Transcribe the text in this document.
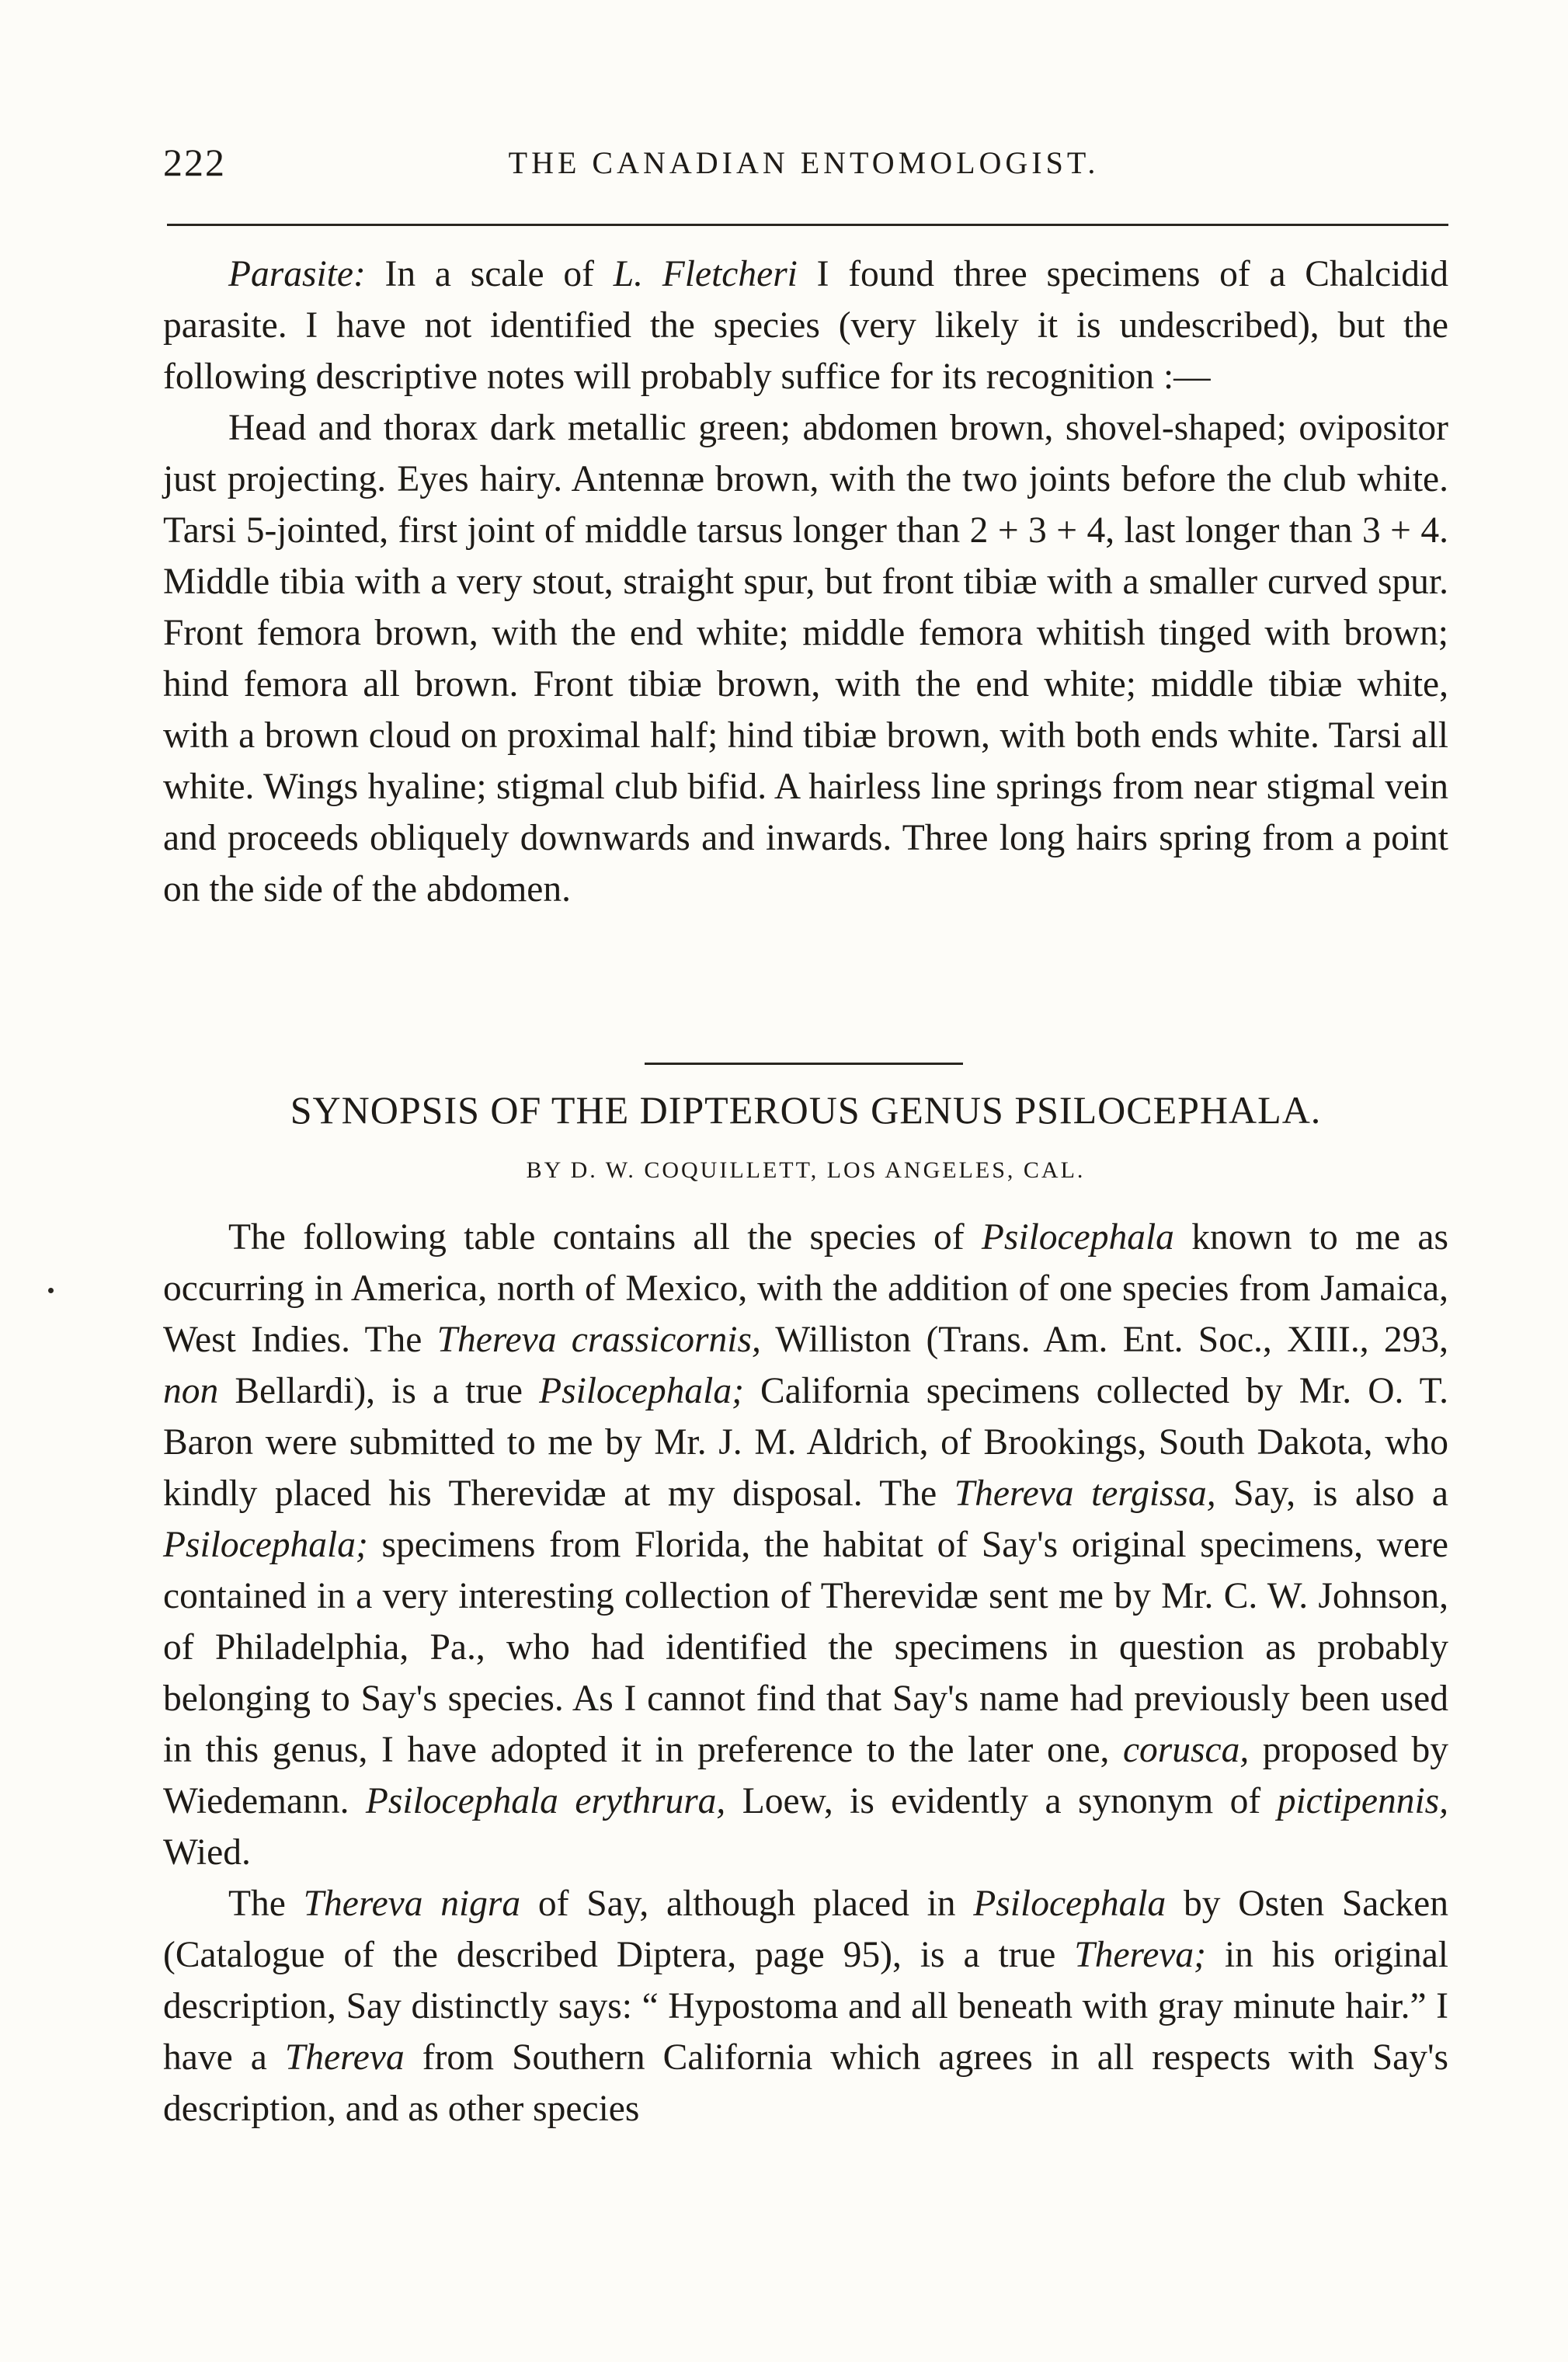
222	THE CANADIAN ENTOMOLOGIST.

Parasite: In a scale of L. Fletcheri I found three specimens of a Chalcidid parasite. I have not identified the species (very likely it is undescribed), but the following descriptive notes will probably suffice for its recognition :—

Head and thorax dark metallic green; abdomen brown, shovel-shaped; ovipositor just projecting. Eyes hairy. Antennæ brown, with the two joints before the club white. Tarsi 5-jointed, first joint of middle tarsus longer than 2 + 3 + 4, last longer than 3 + 4. Middle tibia with a very stout, straight spur, but front tibiæ with a smaller curved spur. Front femora brown, with the end white; middle femora whitish tinged with brown; hind femora all brown. Front tibiæ brown, with the end white; middle tibiæ white, with a brown cloud on proximal half; hind tibiæ brown, with both ends white. Tarsi all white. Wings hyaline; stigmal club bifid. A hairless line springs from near stigmal vein and proceeds obliquely downwards and inwards. Three long hairs spring from a point on the side of the abdomen.

SYNOPSIS OF THE DIPTEROUS GENUS PSILOCEPHALA.
BY D. W. COQUILLETT, LOS ANGELES, CAL.

The following table contains all the species of Psilocephala known to me as occurring in America, north of Mexico, with the addition of one species from Jamaica, West Indies. The Thereva crassicornis, Williston (Trans. Am. Ent. Soc., XIII., 293, non Bellardi), is a true Psilocephala; California specimens collected by Mr. O. T. Baron were submitted to me by Mr. J. M. Aldrich, of Brookings, South Dakota, who kindly placed his Therevidæ at my disposal. The Thereva tergissa, Say, is also a Psilocephala; specimens from Florida, the habitat of Say's original specimens, were contained in a very interesting collection of Therevidæ sent me by Mr. C. W. Johnson, of Philadelphia, Pa., who had identified the specimens in question as probably belonging to Say's species. As I cannot find that Say's name had previously been used in this genus, I have adopted it in preference to the later one, corusca, proposed by Wiedemann. Psilocephala erythrura, Loew, is evidently a synonym of pictipennis, Wied.

The Thereva nigra of Say, although placed in Psilocephala by Osten Sacken (Catalogue of the described Diptera, page 95), is a true Thereva; in his original description, Say distinctly says: “ Hypostoma and all beneath with gray minute hair.” I have a Thereva from Southern California which agrees in all respects with Say's description, and as other species
